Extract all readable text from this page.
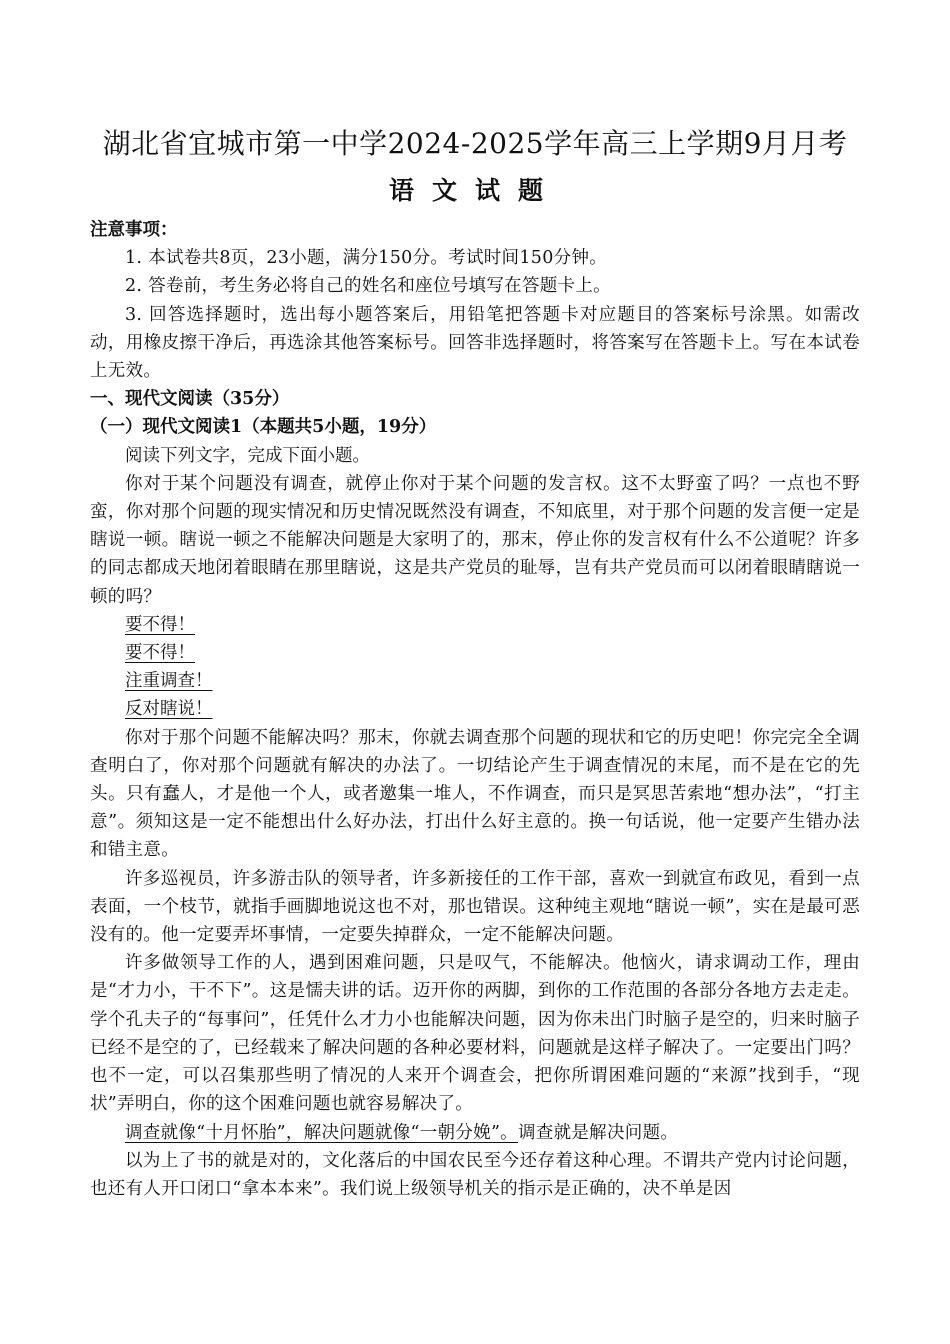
湖北省宜城市第一中学2024-2025学年高三上学期9月月考
语文试题

注意事项：

1. 本试卷共8页，23小题，满分150分。考试时间150分钟。

2. 答卷前，考生务必将自己的姓名和座位号填写在答题卡上。

3. 回答选择题时，选出每小题答案后，用铅笔把答题卡对应题目的答案标号涂黑。如需改动，用橡皮擦干净后，再选涂其他答案标号。回答非选择题时，将答案写在答题卡上。写在本试卷上无效。

一、现代文阅读（35分）

（一）现代文阅读1（本题共5小题，19分）

阅读下列文字，完成下面小题。

你对于某个问题没有调查，就停止你对于某个问题的发言权。这不太野蛮了吗？一点也不野蛮，你对那个问题的现实情况和历史情况既然没有调查，不知底里，对于那个问题的发言便一定是瞎说一顿。瞎说一顿之不能解决问题是大家明了的，那末，停止你的发言权有什么不公道呢？许多的同志都成天地闭着眼睛在那里瞎说，这是共产党员的耻辱，岂有共产党员而可以闭着眼睛瞎说一顿的吗？

要不得！

要不得！

注重调查！

反对瞎说！

你对于那个问题不能解决吗？那末，你就去调查那个问题的现状和它的历史吧！你完完全全调查明白了，你对那个问题就有解决的办法了。一切结论产生于调查情况的末尾，而不是在它的先头。只有蠢人，才是他一个人，或者邀集一堆人，不作调查，而只是冥思苦索地“想办法”，“打主意”。须知这是一定不能想出什么好办法，打出什么好主意的。换一句话说，他一定要产生错办法和错主意。

许多巡视员，许多游击队的领导者，许多新接任的工作干部，喜欢一到就宣布政见，看到一点表面，一个枝节，就指手画脚地说这也不对，那也错误。这种纯主观地“瞎说一顿”，实在是最可恶没有的。他一定要弄坏事情，一定要失掉群众，一定不能解决问题。

许多做领导工作的人，遇到困难问题，只是叹气，不能解决。他恼火，请求调动工作，理由是“才力小，干不下”。这是懦夫讲的话。迈开你的两脚，到你的工作范围的各部分各地方去走走。学个孔夫子的“每事问”，任凭什么才力小也能解决问题，因为你未出门时脑子是空的，归来时脑子已经不是空的了，已经载来了解决问题的各种必要材料，问题就是这样子解决了。一定要出门吗？也不一定，可以召集那些明了情况的人来开个调查会，把你所谓困难问题的“来源”找到手，“现状”弄明白，你的这个困难问题也就容易解决了。

调查就像“十月怀胎”，解决问题就像“一朝分娩”。调查就是解决问题。

以为上了书的就是对的，文化落后的中国农民至今还存着这种心理。不谓共产党内讨论问题，也还有人开口闭口“拿本本来”。我们说上级领导机关的指示是正确的，决不单是因
